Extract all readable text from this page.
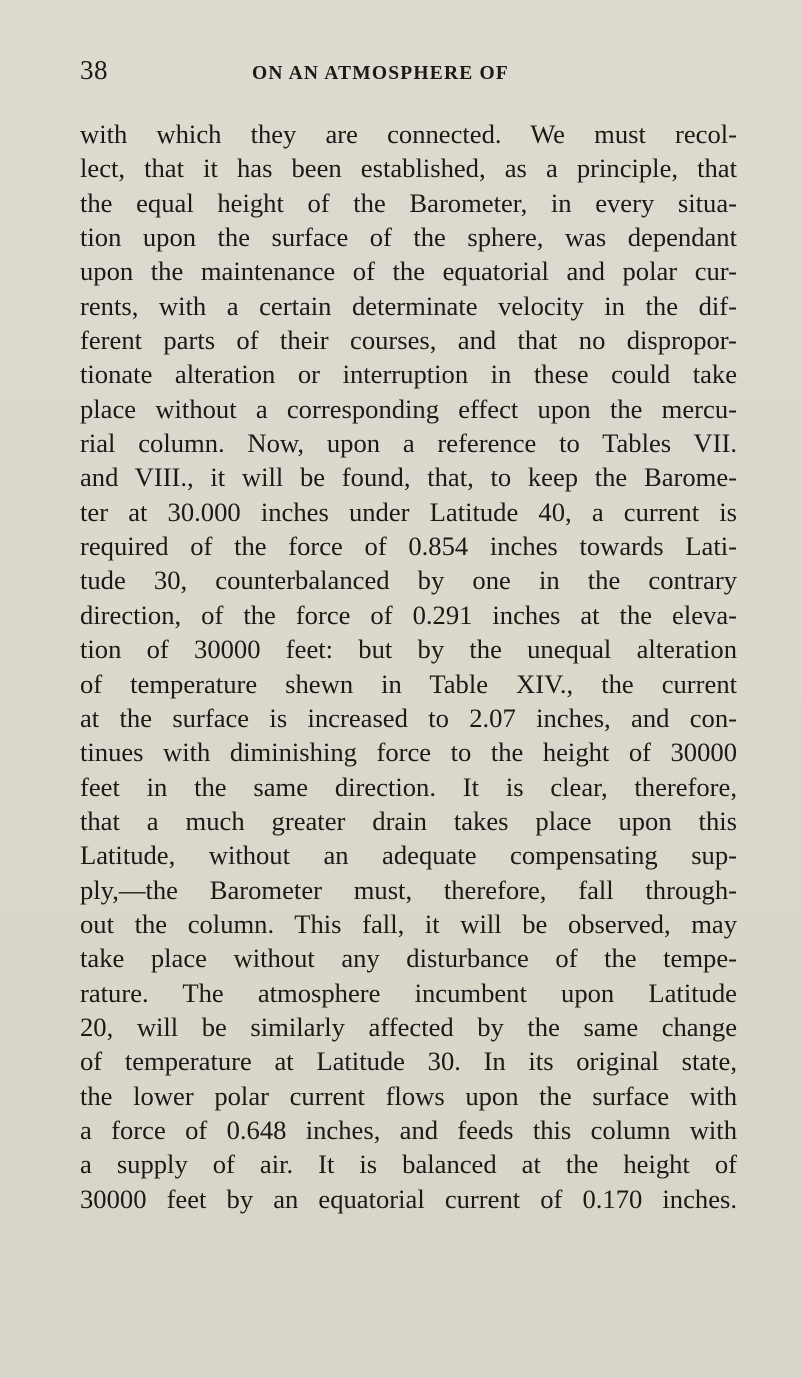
38	ON AN ATMOSPHERE OF
with which they are connected. We must recol-
lect, that it has been established, as a principle, that
the equal height of the Barometer, in every situa-
tion upon the surface of the sphere, was dependant
upon the maintenance of the equatorial and polar cur-
rents, with a certain determinate velocity in the dif-
ferent parts of their courses, and that no dispropor-
tionate alteration or interruption in these could take
place without a corresponding effect upon the mercu-
rial column. Now, upon a reference to Tables VII.
and VIII., it will be found, that, to keep the Barome-
ter at 30.000 inches under Latitude 40, a current is
required of the force of 0.854 inches towards Lati-
tude 30, counterbalanced by one in the contrary
direction, of the force of 0.291 inches at the eleva-
tion of 30000 feet: but by the unequal alteration
of temperature shewn in Table XIV., the current
at the surface is increased to 2.07 inches, and con-
tinues with diminishing force to the height of 30000
feet in the same direction. It is clear, therefore,
that a much greater drain takes place upon this
Latitude, without an adequate compensating sup-
ply,—the Barometer must, therefore, fall through-
out the column. This fall, it will be observed, may
take place without any disturbance of the tempe-
rature. The atmosphere incumbent upon Latitude
20, will be similarly affected by the same change
of temperature at Latitude 30. In its original state,
the lower polar current flows upon the surface with
a force of 0.648 inches, and feeds this column with
a supply of air. It is balanced at the height of
30000 feet by an equatorial current of 0.170 inches.
